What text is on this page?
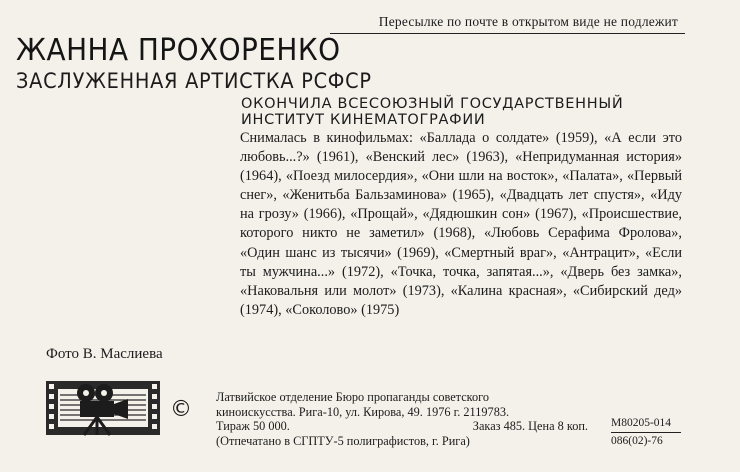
Пересылке по почте в открытом виде не подлежит
ЖАННА ПРОХОРЕНКО
ЗАСЛУЖЕННАЯ АРТИСТКА РСФСР
ОКОНЧИЛА ВСЕСОЮЗНЫЙ ГОСУДАРСТВЕННЫЙ ИНСТИТУТ КИНЕМАТОГРАФИИ
Снималась в кинофильмах: «Баллада о солдате» (1959), «А если это любовь...?» (1961), «Венский лес» (1963), «Непридуманная история» (1964), «Поезд милосердия», «Они шли на восток», «Палата», «Первый снег», «Женитьба Бальзаминова» (1965), «Двадцать лет спустя», «Иду на грозу» (1966), «Прощай», «Дядюшкин сон» (1967), «Происшествие, которого никто не заметил» (1968), «Любовь Серафима Фролова», «Один шанс из тысячи» (1969), «Смертный враг», «Антрацит», «Если ты мужчина...» (1972), «Точка, точка, запятая...», «Дверь без замка», «Наковальня или молот» (1973), «Калина красная», «Сибирский дед» (1974), «Соколово» (1975)
Фото В. Маслиева
© Латвийское отделение Бюро пропаганды советского
киноискусства. Рига-10, ул. Кирова, 49. 1976 г. 2119783.
Тираж 50 000.	Заказ 485. Цена 8 коп.
(Отпечатано в СГПТУ-5 полиграфистов, г. Рига)
М80205-014
086(02)-76
